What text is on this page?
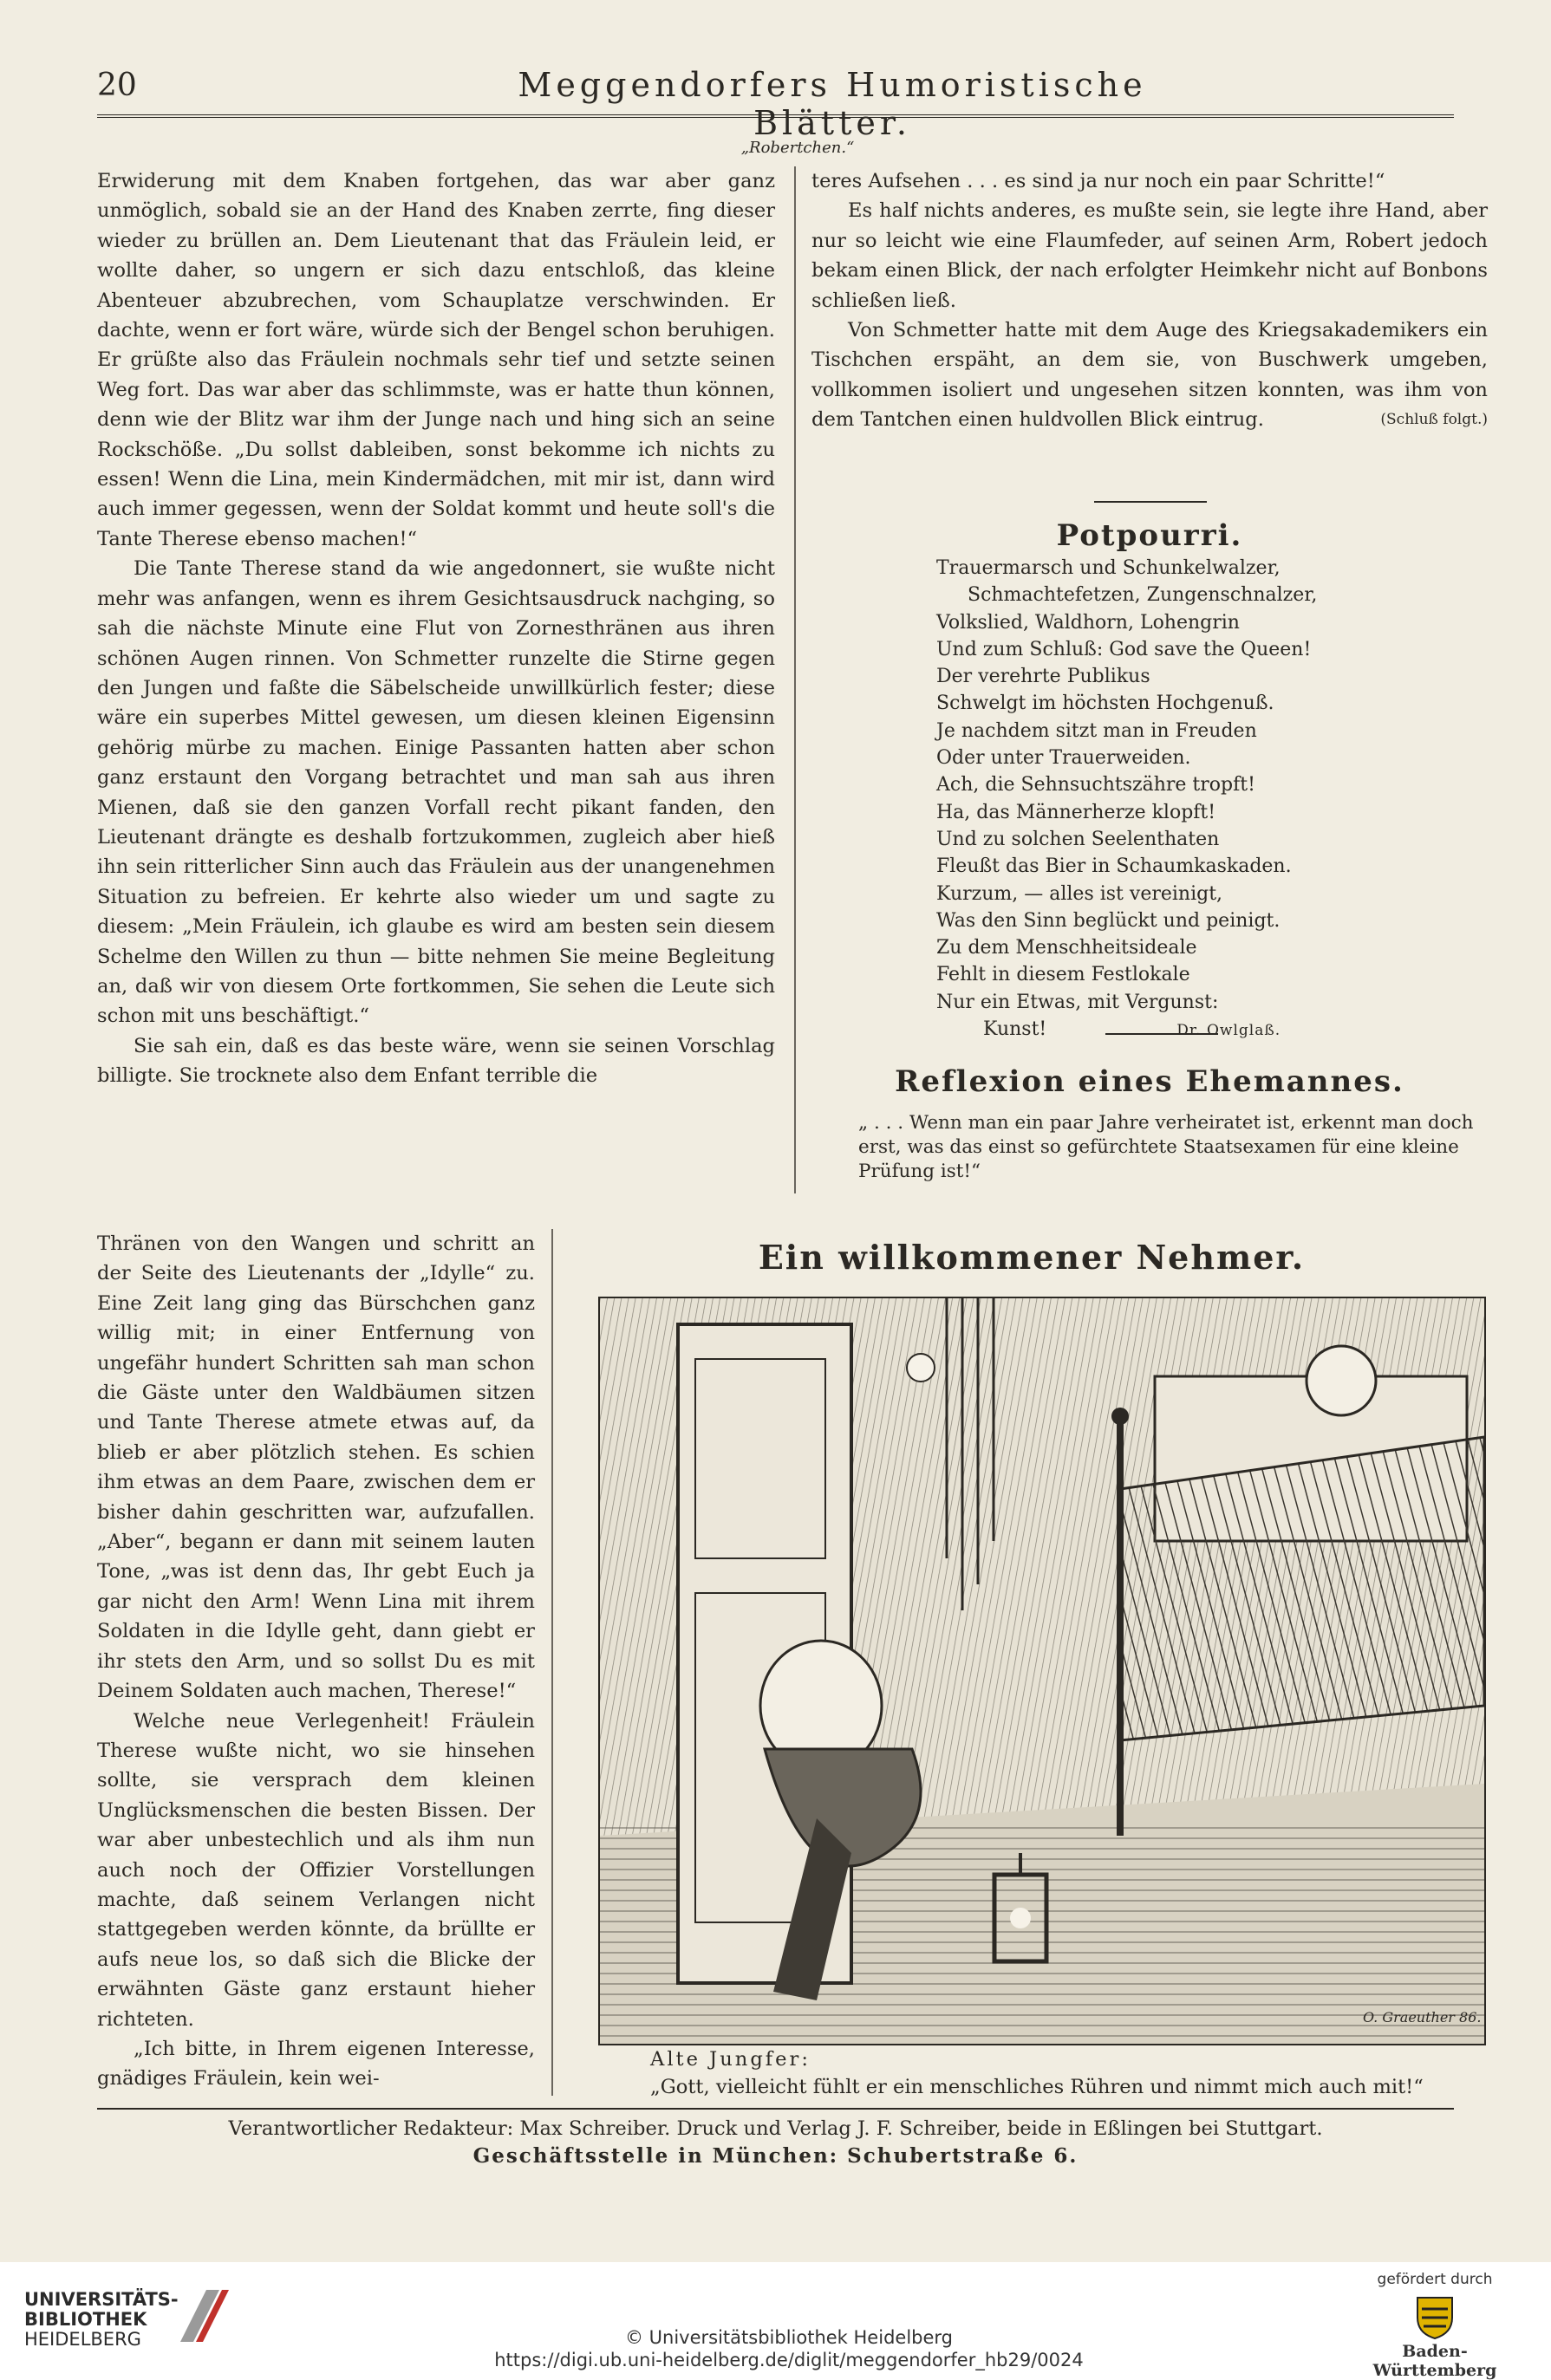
20	Meggendorfers Humoristische Blätter.
„Robertchen.“

Erwiderung mit dem Knaben fortgehen, das war aber ganz unmöglich, sobald sie an der Hand des Knaben zerrte, fing dieser wieder zu brüllen an. Dem Lieutenant that das Fräulein leid, er wollte daher, so ungern er sich dazu entschloß, das kleine Abenteuer abzubrechen, vom Schauplatze verschwinden. Er dachte, wenn er fort wäre, würde sich der Bengel schon beruhigen. Er grüßte also das Fräulein nochmals sehr tief und setzte seinen Weg fort. Das war aber das schlimmste, was er hatte thun können, denn wie der Blitz war ihm der Junge nach und hing sich an seine Rockschöße. „Du sollst dableiben, sonst bekomme ich nichts zu essen! Wenn die Lina, mein Kindermädchen, mit mir ist, dann wird auch immer gegessen, wenn der Soldat kommt und heute soll's die Tante Therese ebenso machen!“

Die Tante Therese stand da wie angedonnert, sie wußte nicht mehr was anfangen, wenn es ihrem Gesichtsausdruck nachging, so sah die nächste Minute eine Flut von Zornesthränen aus ihren schönen Augen rinnen. Von Schmetter runzelte die Stirne gegen den Jungen und faßte die Säbelscheide unwillkürlich fester; diese wäre ein superbes Mittel gewesen, um diesen kleinen Eigensinn gehörig mürbe zu machen. Einige Passanten hatten aber schon ganz erstaunt den Vorgang betrachtet und man sah aus ihren Mienen, daß sie den ganzen Vorfall recht pikant fanden, den Lieutenant drängte es deshalb fortzukommen, zugleich aber hieß ihn sein ritterlicher Sinn auch das Fräulein aus der unangenehmen Situation zu befreien. Er kehrte also wieder um und sagte zu diesem: „Mein Fräulein, ich glaube es wird am besten sein diesem Schelme den Willen zu thun — bitte nehmen Sie meine Begleitung an, daß wir von diesem Orte fortkommen, Sie sehen die Leute sich schon mit uns beschäftigt.“

Sie sah ein, daß es das beste wäre, wenn sie seinen Vorschlag billigte. Sie trocknete also dem Enfant terrible die

teres Aufsehen . . . es sind ja nur noch ein paar Schritte!“

Es half nichts anderes, es mußte sein, sie legte ihre Hand, aber nur so leicht wie eine Flaumfeder, auf seinen Arm, Robert jedoch bekam einen Blick, der nach erfolgter Heimkehr nicht auf Bonbons schließen ließ.

Von Schmetter hatte mit dem Auge des Kriegsakademikers ein Tischchen erspäht, an dem sie, von Buschwerk umgeben, vollkommen isoliert und ungesehen sitzen konnten, was ihm von dem Tantchen einen huldvollen Blick eintrug.	(Schluß folgt.)

Potpourri.
Trauermarsch und Schunkelwalzer,
Schmachtefetzen, Zungenschnalzer,
Volkslied, Waldhorn, Lohengrin
Und zum Schluß: God save the Queen!
Der verehrte Publikus
Schwelgt im höchsten Hochgenuß.
Je nachdem sitzt man in Freuden
Oder unter Trauerweiden.
Ach, die Sehnsuchtszähre tropft!
Ha, das Männerherze klopft!
Und zu solchen Seelenthaten
Fleußt das Bier in Schaumkaskaden.
Kurzum, — alles ist vereinigt,
Was den Sinn beglückt und peinigt.
Zu dem Menschheitsideale
Fehlt in diesem Festlokale
Nur ein Etwas, mit Vergunst:
Kunst!	Dr. Owlglaß.
Reflexion eines Ehemannes.
„ . . . Wenn man ein paar Jahre verheiratet ist, erkennt man doch erst, was das einst so gefürchtete Staatsexamen für eine kleine Prüfung ist!“

Thränen von den Wangen und schritt an der Seite des Lieutenants der „Idylle“ zu. Eine Zeit lang ging das Bürschchen ganz willig mit; in einer Entfernung von ungefähr hundert Schritten sah man schon die Gäste unter den Waldbäumen sitzen und Tante Therese atmete etwas auf, da blieb er aber plötzlich stehen. Es schien ihm etwas an dem Paare, zwischen dem er bisher dahin geschritten war, aufzufallen. „Aber“, begann er dann mit seinem lauten Tone, „was ist denn das, Ihr gebt Euch ja gar nicht den Arm! Wenn Lina mit ihrem Soldaten in die Idylle geht, dann giebt er ihr stets den Arm, und so sollst Du es mit Deinem Soldaten auch machen, Therese!“

Welche neue Verlegenheit! Fräulein Therese wußte nicht, wo sie hinsehen sollte, sie versprach dem kleinen Unglücksmenschen die besten Bissen. Der war aber unbestechlich und als ihm nun auch noch der Offizier Vorstellungen machte, daß seinem Verlangen nicht stattgegeben werden könnte, da brüllte er aufs neue los, so daß sich die Blicke der erwähnten Gäste ganz erstaunt hieher richteten.

„Ich bitte, in Ihrem eigenen Interesse, gnädiges Fräulein, kein wei-

Ein willkommener Nehmer.
O. Graeuther 86.
Alte Jungfer:
„Gott, vielleicht fühlt er ein menschliches Rühren und nimmt mich auch mit!“
Verantwortlicher Redakteur: Max Schreiber. Druck und Verlag J. F. Schreiber, beide in Eßlingen bei Stuttgart.
Geschäftsstelle in München: Schubertstraße 6.
UNIVERSITÄTS-
BIBLIOTHEK
HEIDELBERG	© Universitätsbibliothek Heidelberg
https://digi.ub.uni-heidelberg.de/diglit/meggendorfer_hb29/0024
gefördert durch
Baden-Württemberg
